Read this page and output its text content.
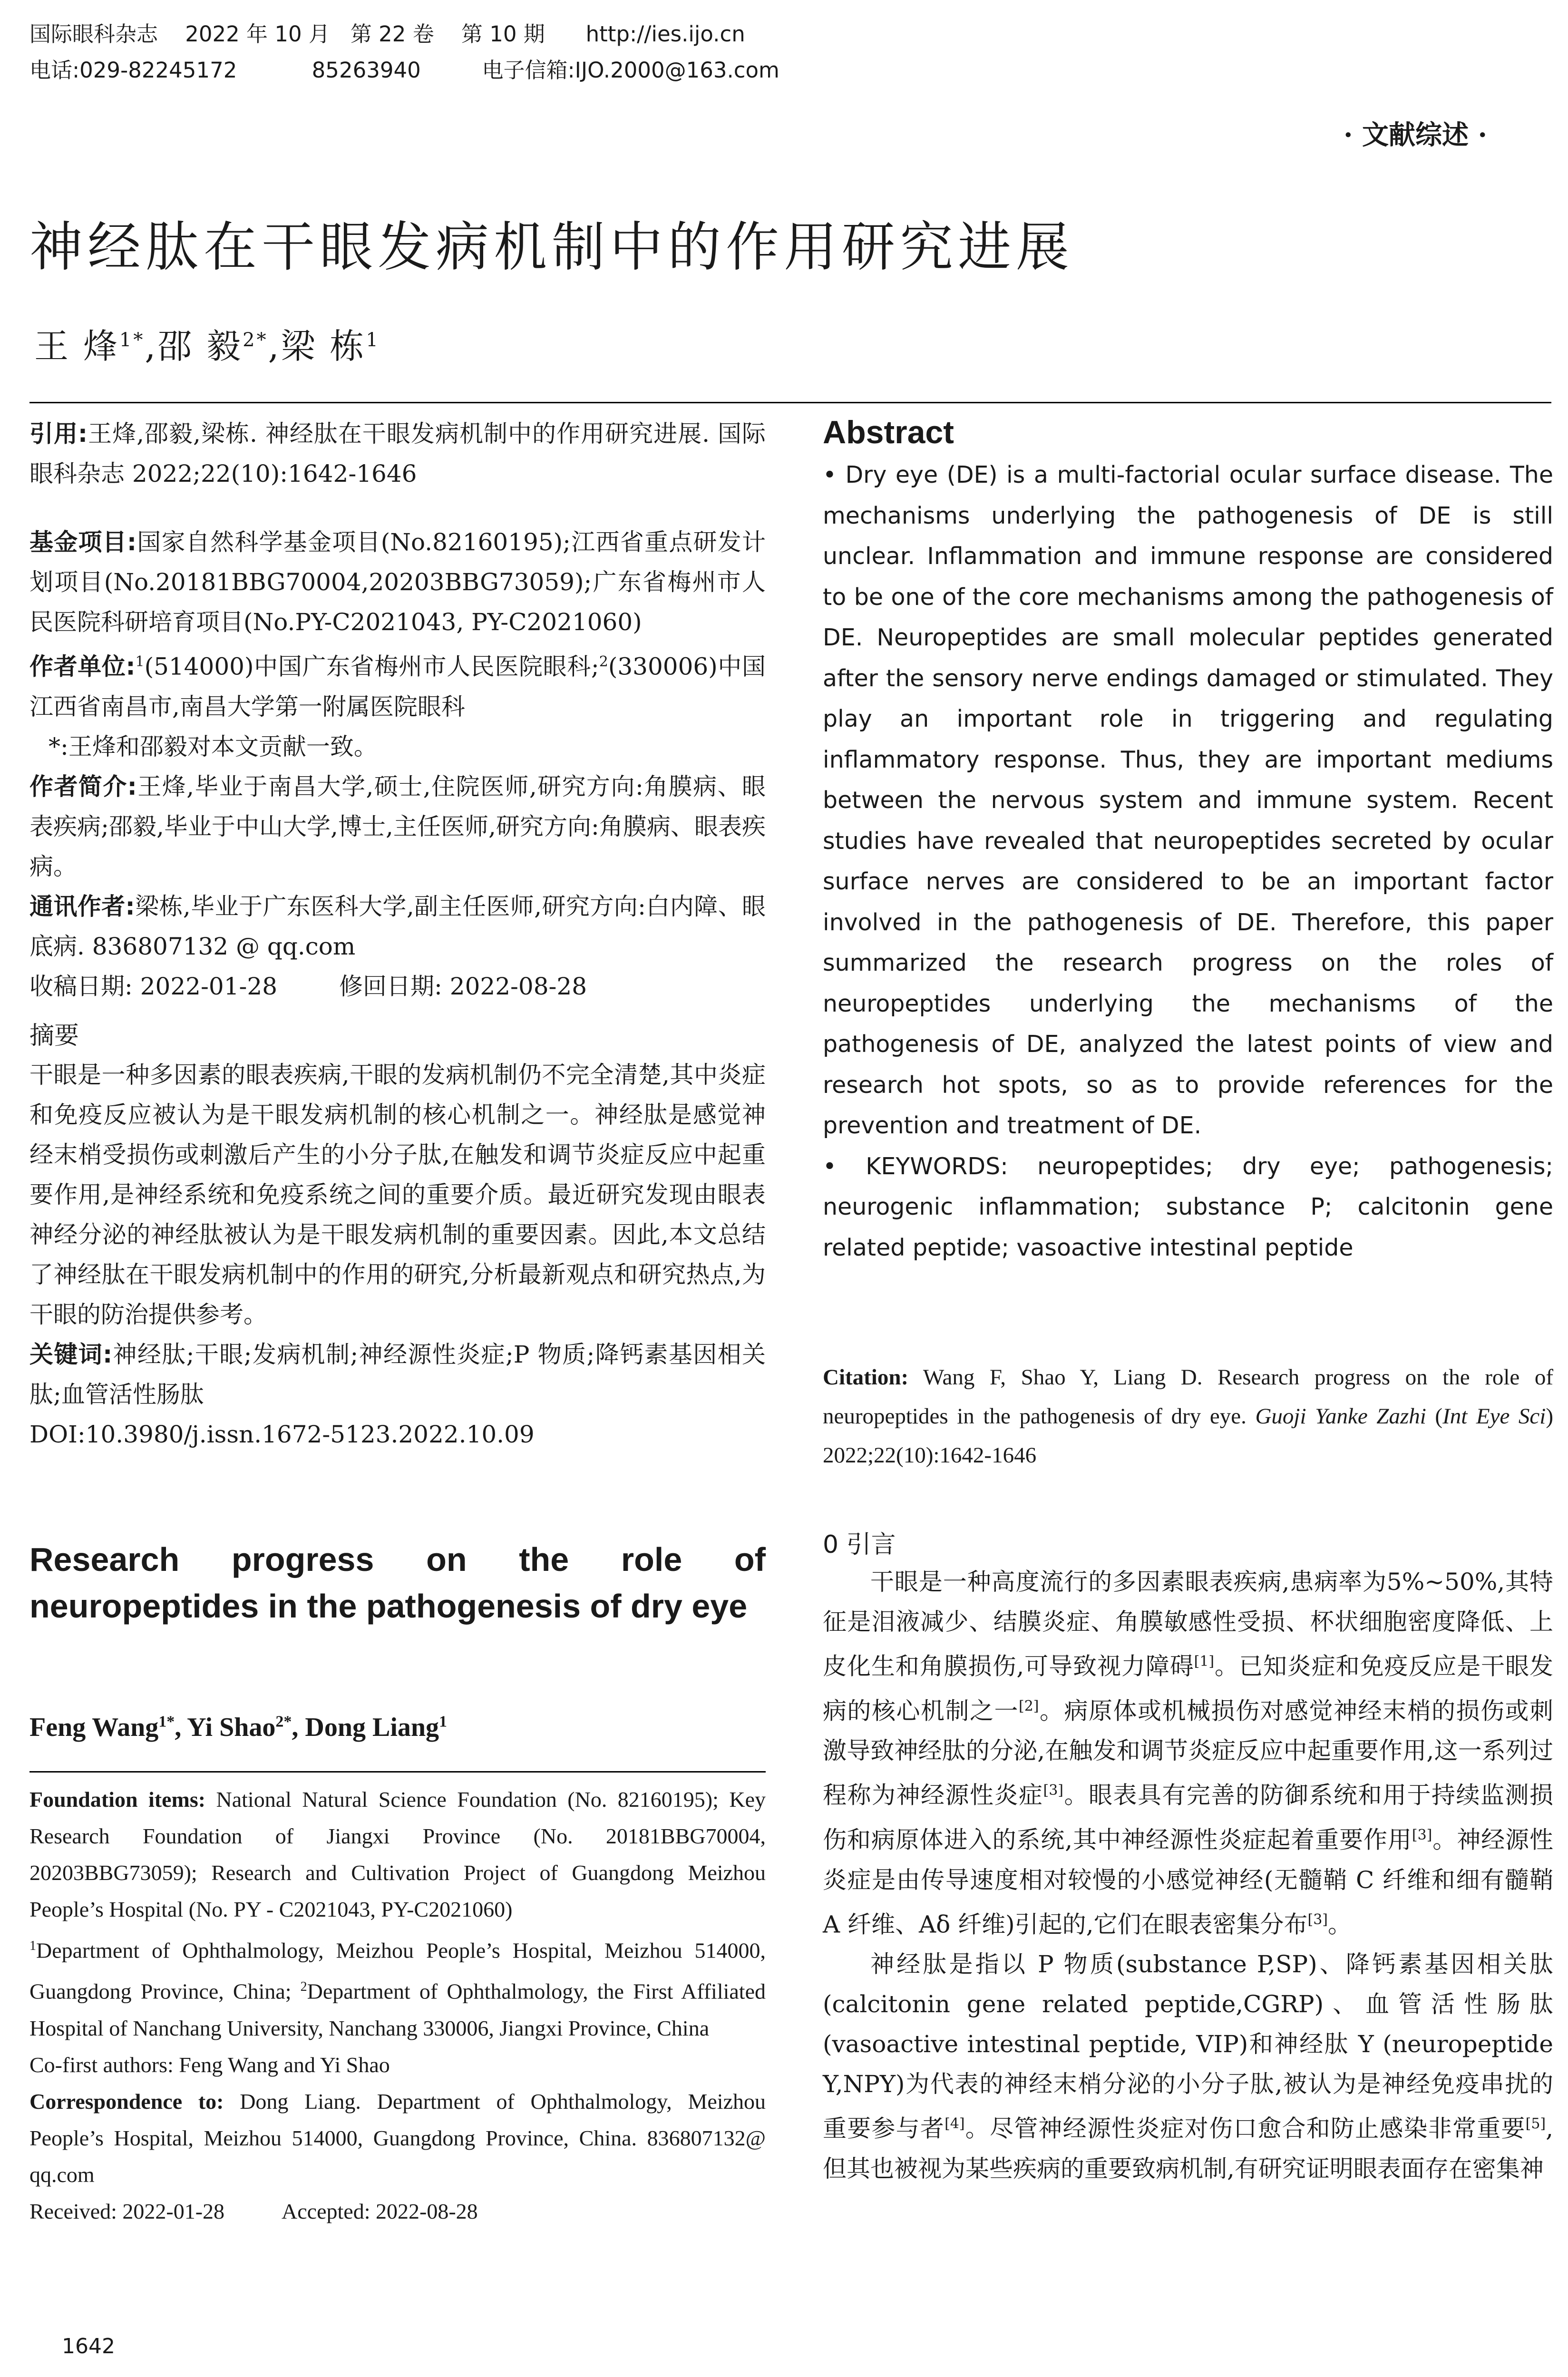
国际眼科杂志    2022 年 10 月   第 22 卷    第 10 期      http://ies.ijo.cn
电话:029-82245172           85263940         电子信箱:IJO.2000@163.com
· 文献综述 ·
神经肽在干眼发病机制中的作用研究进展
王 烽$^{1*}$,邵 毅$^{2*}$,梁 栋$^1$

引用:王烽,邵毅,梁栋. 神经肽在干眼发病机制中的作用研究进展. 国际眼科杂志 2022;22(10):1642-1646

基金项目:国家自然科学基金项目(No.82160195);江西省重点研发计划项目(No.20181BBG70004,20203BBG73059);广东省梅州市人民医院科研培育项目(No.PY-C2021043, PY-C2021060)

作者单位:$^1$(514000)中国广东省梅州市人民医院眼科;$^2$(330006)中国江西省南昌市,南昌大学第一附属医院眼科

*:王烽和邵毅对本文贡献一致。

作者简介:王烽,毕业于南昌大学,硕士,住院医师,研究方向:角膜病、眼表疾病;邵毅,毕业于中山大学,博士,主任医师,研究方向:角膜病、眼表疾病。

通讯作者:梁栋,毕业于广东医科大学,副主任医师,研究方向:白内障、眼底病. 836807132 @ qq.com

收稿日期: 2022-01-28	修回日期: 2022-08-28

摘要
干眼是一种多因素的眼表疾病,干眼的发病机制仍不完全清楚,其中炎症和免疫反应被认为是干眼发病机制的核心机制之一。神经肽是感觉神经末梢受损伤或刺激后产生的小分子肽,在触发和调节炎症反应中起重要作用,是神经系统和免疫系统之间的重要介质。最近研究发现由眼表神经分泌的神经肽被认为是干眼发病机制的重要因素。因此,本文总结了神经肽在干眼发病机制中的作用的研究,分析最新观点和研究热点,为干眼的防治提供参考。
关键词:神经肽;干眼;发病机制;神经源性炎症;P 物质;降钙素基因相关肽;血管活性肠肽
DOI:10.3980/j.issn.1672-5123.2022.10.09
Research progress on the role of neuropeptides in the pathogenesis of dry eye
Feng Wang$^{1*}$, Yi Shao$^{2*}$, Dong Liang$^1$

Foundation items: National Natural Science Foundation (No. 82160195); Key Research Foundation of Jiangxi Province (No. 20181BBG70004, 20203BBG73059); Research and Cultivation Project of Guangdong Meizhou People’s Hospital (No. PY - C2021043, PY-C2021060)

$^1$Department of Ophthalmology, Meizhou People’s Hospital, Meizhou 514000, Guangdong Province, China; $^2$Department of Ophthalmology, the First Affiliated Hospital of Nanchang University, Nanchang 330006, Jiangxi Province, China

Co-first authors: Feng Wang and Yi Shao

Correspondence to: Dong Liang. Department of Ophthalmology, Meizhou People’s Hospital, Meizhou 514000, Guangdong Province, China. 836807132@ qq.com

Received: 2022-01-28	Accepted: 2022-08-28

Abstract
• Dry eye (DE) is a multi-factorial ocular surface disease. The mechanisms underlying the pathogenesis of DE is still unclear. Inflammation and immune response are considered to be one of the core mechanisms among the pathogenesis of DE. Neuropeptides are small molecular peptides generated after the sensory nerve endings damaged or stimulated. They play an important role in triggering and regulating inflammatory response. Thus, they are important mediums between the nervous system and immune system. Recent studies have revealed that neuropeptides secreted by ocular surface nerves are considered to be an important factor involved in the pathogenesis of DE. Therefore, this paper summarized the research progress on the roles of neuropeptides underlying the mechanisms of the pathogenesis of DE, analyzed the latest points of view and research hot spots, so as to provide references for the prevention and treatment of DE.
• KEYWORDS: neuropeptides; dry eye; pathogenesis; neurogenic inflammation; substance P; calcitonin gene related peptide; vasoactive intestinal peptide
Citation: Wang F, Shao Y, Liang D. Research progress on the role of neuropeptides in the pathogenesis of dry eye. Guoji Yanke Zazhi (Int Eye Sci) 2022;22(10):1642-1646
0 引言
干眼是一种高度流行的多因素眼表疾病,患病率为5%~50%,其特征是泪液减少、结膜炎症、角膜敏感性受损、杯状细胞密度降低、上皮化生和角膜损伤,可导致视力障碍[1]。已知炎症和免疫反应是干眼发病的核心机制之一[2]。病原体或机械损伤对感觉神经末梢的损伤或刺激导致神经肽的分泌,在触发和调节炎症反应中起重要作用,这一系列过程称为神经源性炎症[3]。眼表具有完善的防御系统和用于持续监测损伤和病原体进入的系统,其中神经源性炎症起着重要作用[3]。神经源性炎症是由传导速度相对较慢的小感觉神经(无髓鞘 C 纤维和细有髓鞘 A 纤维、Aδ 纤维)引起的,它们在眼表密集分布[3]。
神经肽是指以 P 物质(substance P,SP)、降钙素基因相关肽(calcitonin gene related peptide,CGRP)、血管活性肠肽(vasoactive intestinal peptide, VIP)和神经肽 Y (neuropeptide Y,NPY)为代表的神经末梢分泌的小分子肽,被认为是神经免疫串扰的重要参与者[4]。尽管神经源性炎症对伤口愈合和防止感染非常重要[5],但其也被视为某些疾病的重要致病机制,有研究证明眼表面存在密集神
1642
